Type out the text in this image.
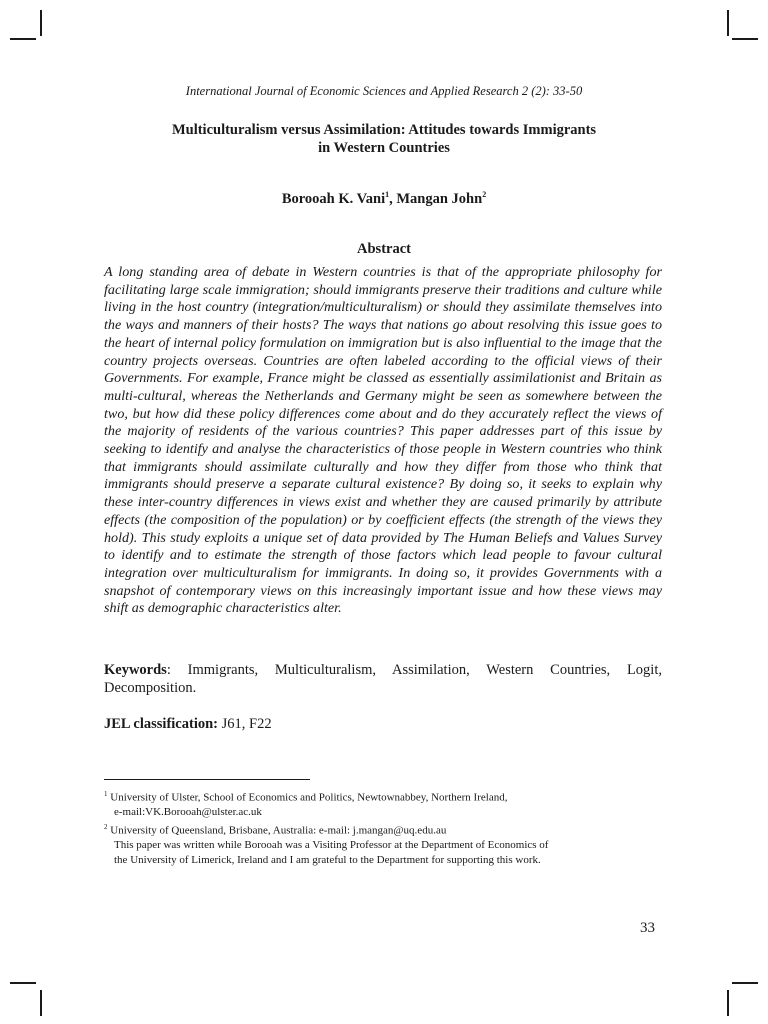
International Journal of Economic Sciences and Applied Research 2 (2): 33-50
Multiculturalism versus Assimilation: Attitudes towards Immigrants
in Western Countries
Borooah K. Vani$^1$, Mangan John$^2$
Abstract
A long standing area of debate in Western countries is that of the appropriate philosophy for facilitating large scale immigration; should immigrants preserve their traditions and culture while living in the host country (integration/multiculturalism) or should they assimilate themselves into the ways and manners of their hosts? The ways that nations go about resolving this issue goes to the heart of internal policy formulation on immigration but is also influential to the image that the country projects overseas. Countries are often labeled according to the official views of their Governments. For example, France might be classed as essentially assimilationist and Britain as multi-cultural, whereas the Netherlands and Germany might be seen as somewhere between the two, but how did these policy differences come about and do they accurately reflect the views of the majority of residents of the various countries? This paper addresses part of this issue by seeking to identify and analyse the characteristics of those people in Western countries who think that immigrants should assimilate culturally and how they differ from those who think that immigrants should preserve a separate cultural existence? By doing so, it seeks to explain why these inter-country differences in views exist and whether they are caused primarily by attribute effects (the composition of the population) or by coefficient effects (the strength of the views they hold). This study exploits a unique set of data provided by The Human Beliefs and Values Survey to identify and to estimate the strength of those factors which lead people to favour cultural integration over multiculturalism for immigrants. In doing so, it provides Governments with a snapshot of contemporary views on this increasingly important issue and how these views may shift as demographic characteristics alter.
Keywords: Immigrants, Multiculturalism, Assimilation, Western Countries, Logit, Decomposition.
JEL classification: J61, F22
$^1$ University of Ulster, School of Economics and Politics, Newtownabbey, Northern Ireland,
e-mail:VK.Borooah@ulster.ac.uk
$^2$ University of Queensland, Brisbane, Australia: e-mail: j.mangan@uq.edu.au
This paper was written while Borooah was a Visiting Professor at the Department of Economics of
the University of Limerick, Ireland and I am grateful to the Department for supporting this work.
33
